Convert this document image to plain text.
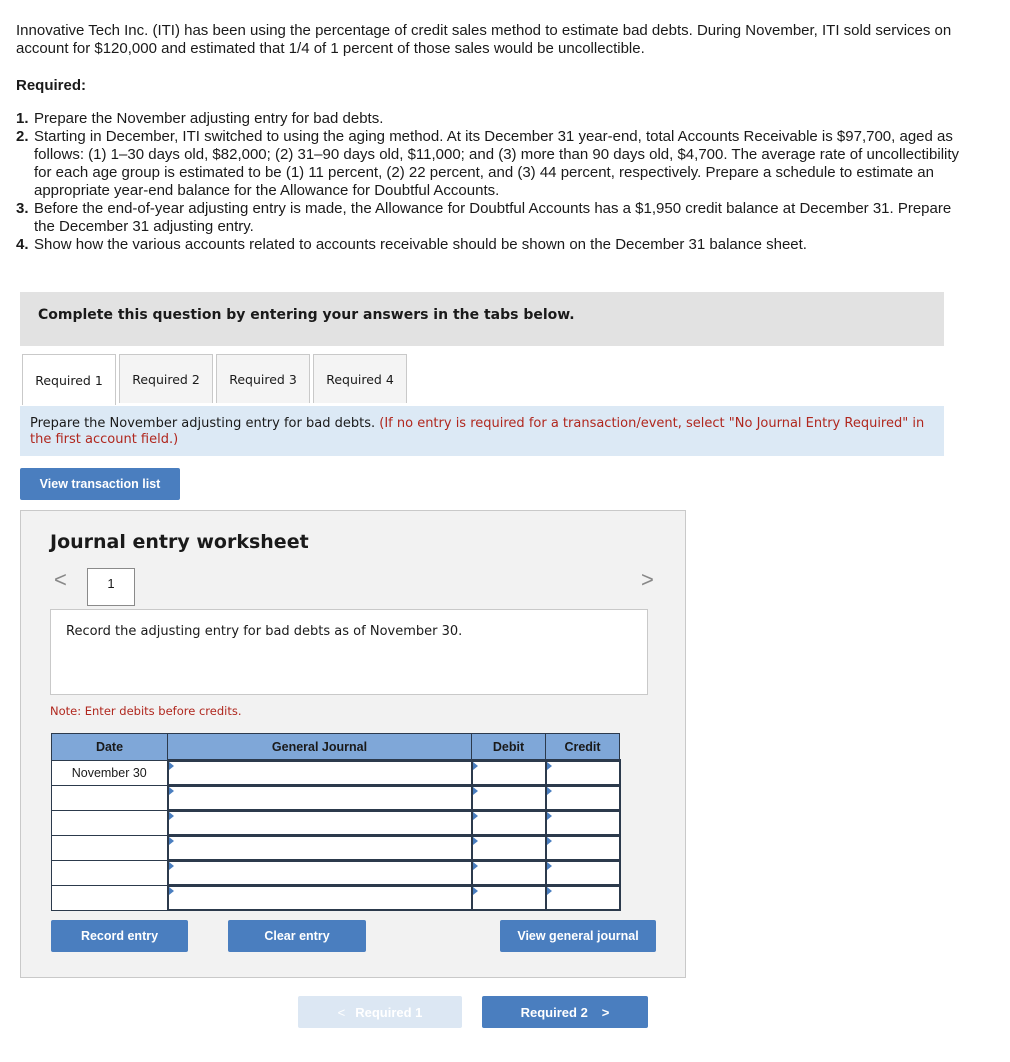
Innovative Tech Inc. (ITI) has been using the percentage of credit sales method to estimate bad debts. During November, ITI sold services on account for $120,000 and estimated that 1/4 of 1 percent of those sales would be uncollectible.
Required:
1. Prepare the November adjusting entry for bad debts.
2. Starting in December, ITI switched to using the aging method. At its December 31 year-end, total Accounts Receivable is $97,700, aged as follows: (1) 1–30 days old, $82,000; (2) 31–90 days old, $11,000; and (3) more than 90 days old, $4,700. The average rate of uncollectibility for each age group is estimated to be (1) 11 percent, (2) 22 percent, and (3) 44 percent, respectively. Prepare a schedule to estimate an appropriate year-end balance for the Allowance for Doubtful Accounts.
3. Before the end-of-year adjusting entry is made, the Allowance for Doubtful Accounts has a $1,950 credit balance at December 31. Prepare the December 31 adjusting entry.
4. Show how the various accounts related to accounts receivable should be shown on the December 31 balance sheet.
Complete this question by entering your answers in the tabs below.
Required 1	Required 2	Required 3	Required 4
Prepare the November adjusting entry for bad debts. (If no entry is required for a transaction/event, select "No Journal Entry Required" in the first account field.)
View transaction list
Journal entry worksheet
<	1	>
Record the adjusting entry for bad debts as of November 30.
Note: Enter debits before credits.
Date	General Journal	Debit	Credit
November 30			

Record entry	Clear entry	View general journal
< Required 1	Required 2 >
